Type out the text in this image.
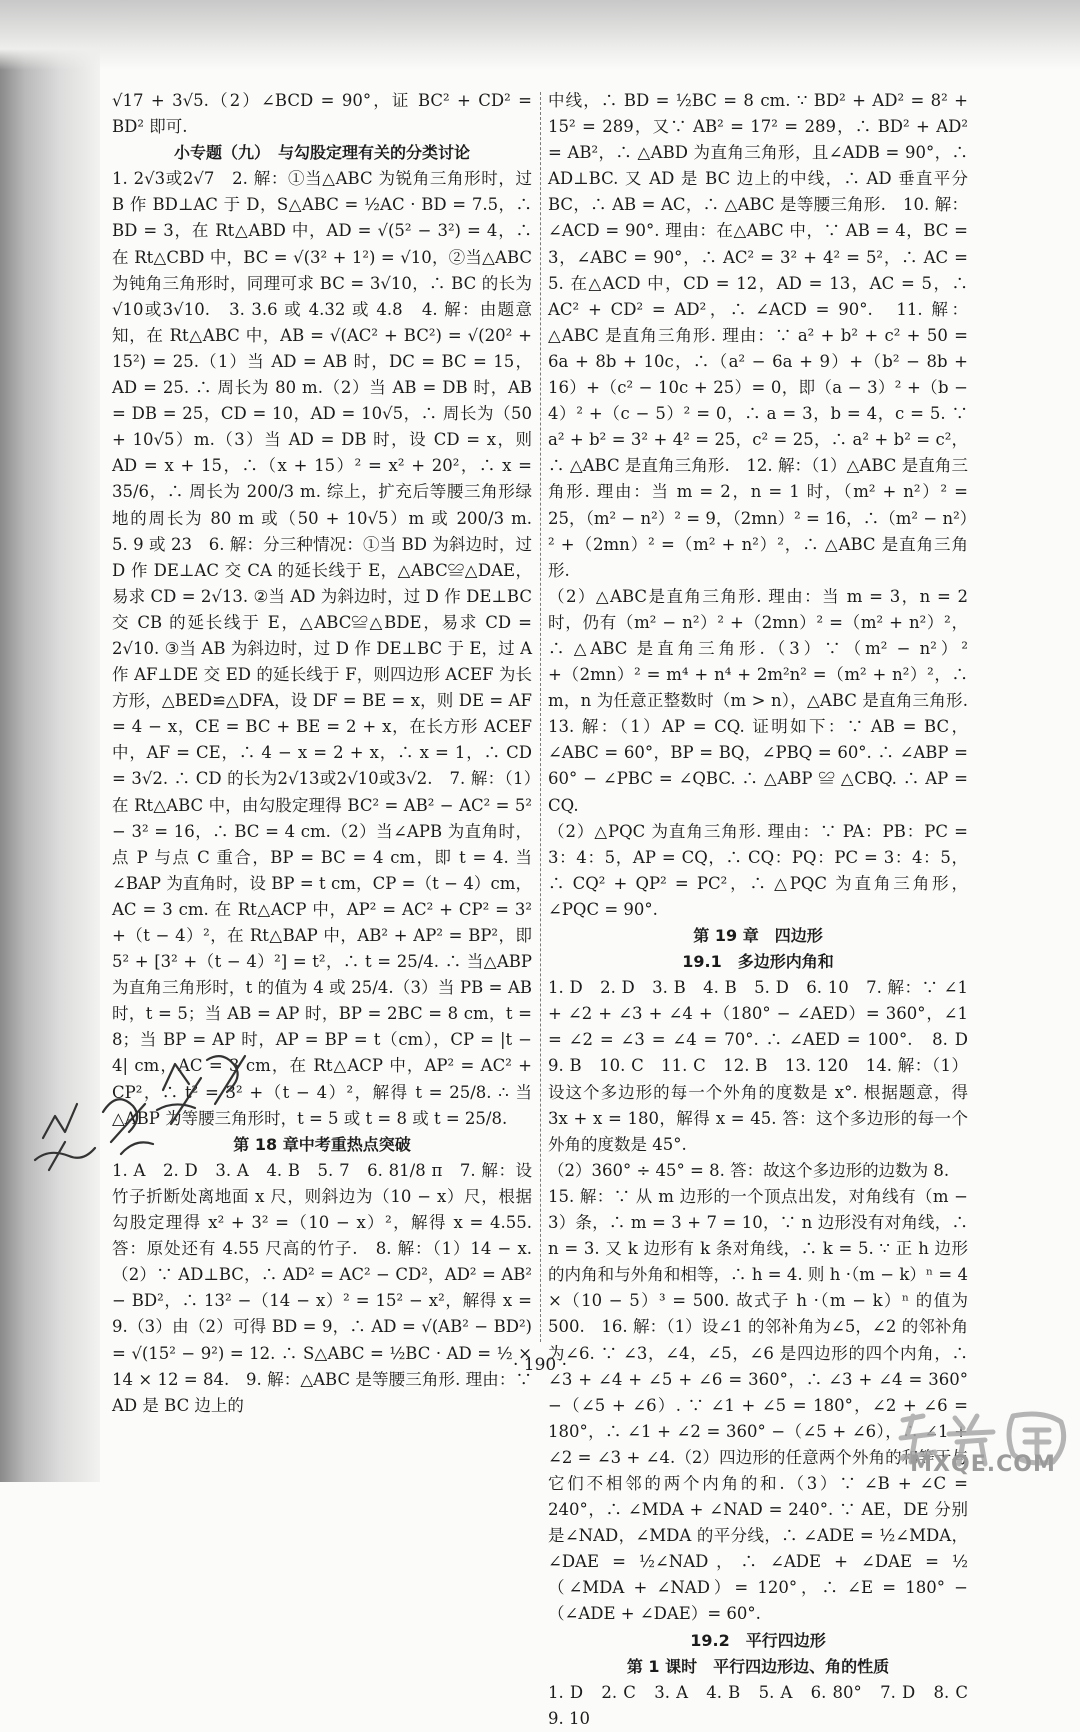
√17 + 3√5.（2）∠BCD = 90°，证 BC² + CD² = BD² 即可.

小专题（九）　与勾股定理有关的分类讨论

1. 2√3或2√7　2. 解：①当△ABC 为锐角三角形时，过 B 作 BD⊥AC 于 D，S△ABC = ½AC · BD = 7.5，∴ BD = 3，在 Rt△ABD 中，AD = √(5² − 3²) = 4，∴ 在 Rt△CBD 中，BC = √(3² + 1²) = √10，②当△ABC 为钝角三角形时，同理可求 BC = 3√10，∴ BC 的长为√10或3√10.　3. 3.6 或 4.32 或 4.8　4. 解：由题意知，在 Rt△ABC 中，AB = √(AC² + BC²) = √(20² + 15²) = 25.（1）当 AD = AB 时，DC = BC = 15，AD = 25. ∴ 周长为 80 m.（2）当 AB = DB 时，AB = DB = 25，CD = 10，AD = 10√5，∴ 周长为（50 + 10√5）m.（3）当 AD = DB 时，设 CD = x，则 AD = x + 15，∴（x + 15）² = x² + 20²，∴ x = 35/6，∴ 周长为 200/3 m. 综上，扩充后等腰三角形绿地的周长为 80 m 或（50 + 10√5）m 或 200/3 m.　5. 9 或 23　6. 解：分三种情况：①当 BD 为斜边时，过 D 作 DE⊥AC 交 CA 的延长线于 E，△ABC≌△DAE，易求 CD = 2√13. ②当 AD 为斜边时，过 D 作 DE⊥BC 交 CB 的延长线于 E，△ABC≌△BDE，易求 CD = 2√10. ③当 AB 为斜边时，过 D 作 DE⊥BC 于 E，过 A 作 AF⊥DE 交 ED 的延长线于 F，则四边形 ACEF 为长方形，△BED≌△DFA，设 DF = BE = x，则 DE = AF = 4 − x，CE = BC + BE = 2 + x，在长方形 ACEF 中，AF = CE，∴ 4 − x = 2 + x，∴ x = 1，∴ CD = 3√2. ∴ CD 的长为2√13或2√10或3√2.　7. 解：（1）在 Rt△ABC 中，由勾股定理得 BC² = AB² − AC² = 5² − 3² = 16，∴ BC = 4 cm.（2）当∠APB 为直角时，点 P 与点 C 重合，BP = BC = 4 cm，即 t = 4. 当∠BAP 为直角时，设 BP = t cm，CP =（t − 4）cm，AC = 3 cm. 在 Rt△ACP 中，AP² = AC² + CP² = 3² +（t − 4）²，在 Rt△BAP 中，AB² + AP² = BP²，即 5² + [3² +（t − 4）²] = t²，∴ t = 25/4. ∴ 当△ABP 为直角三角形时，t 的值为 4 或 25/4.（3）当 PB = AB 时，t = 5；当 AB = AP 时，BP = 2BC = 8 cm，t = 8；当 BP = AP 时，AP = BP = t（cm），CP = |t − 4| cm，AC = 3 cm，在 Rt△ACP 中，AP² = AC² + CP²，∴ t² = 3² +（t − 4）²，解得 t = 25/8. ∴ 当△ABP 为等腰三角形时，t = 5 或 t = 8 或 t = 25/8.

第 18 章中考重热点突破

1. A　2. D　3. A　4. B　5. 7　6. 81/8 π　7. 解：设竹子折断处离地面 x 尺，则斜边为（10 − x）尺，根据勾股定理得 x² + 3² =（10 − x）²，解得 x = 4.55. 答：原处还有 4.55 尺高的竹子.　8. 解：（1）14 − x.（2）∵ AD⊥BC，∴ AD² = AC² − CD²，AD² = AB² − BD²，∴ 13² −（14 − x）² = 15² − x²，解得 x = 9.（3）由（2）可得 BD = 9，∴ AD = √(AB² − BD²) = √(15² − 9²) = 12. ∴ S△ABC = ½BC · AD = ½ × 14 × 12 = 84.　9. 解：△ABC 是等腰三角形. 理由：∵ AD 是 BC 边上的

中线，∴ BD = ½BC = 8 cm. ∵ BD² + AD² = 8² + 15² = 289，又∵ AB² = 17² = 289，∴ BD² + AD² = AB²，∴ △ABD 为直角三角形，且∠ADB = 90°，∴ AD⊥BC. 又 AD 是 BC 边上的中线，∴ AD 垂直平分 BC，∴ AB = AC，∴ △ABC 是等腰三角形.　10. 解：∠ACD = 90°. 理由：在△ABC 中，∵ AB = 4，BC = 3，∠ABC = 90°，∴ AC² = 3² + 4² = 5²，∴ AC = 5. 在△ACD 中，CD = 12，AD = 13，AC = 5，∴ AC² + CD² = AD²，∴ ∠ACD = 90°.　11. 解：△ABC 是直角三角形. 理由：∵ a² + b² + c² + 50 = 6a + 8b + 10c，∴（a² − 6a + 9）+（b² − 8b + 16）+（c² − 10c + 25）= 0，即（a − 3）² +（b − 4）² +（c − 5）² = 0，∴ a = 3，b = 4，c = 5. ∵ a² + b² = 3² + 4² = 25，c² = 25，∴ a² + b² = c²，∴ △ABC 是直角三角形.　12. 解：（1）△ABC 是直角三角形. 理由：当 m = 2，n = 1 时，（m² + n²）² = 25，（m² − n²）² = 9，（2mn）² = 16，∴（m² − n²）² +（2mn）² =（m² + n²）²，∴ △ABC 是直角三角形.

（2）△ABC是直角三角形. 理由：当 m = 3，n = 2 时，仍有（m² − n²）² +（2mn）² =（m² + n²）²，∴ △ABC 是直角三角形.（3）∵（m² − n²）² +（2mn）² = m⁴ + n⁴ + 2m²n² =（m² + n²）²，∴ m，n 为任意正整数时（m > n），△ABC 是直角三角形.　13. 解：（1）AP = CQ. 证明如下：∵ AB = BC，∠ABC = 60°，BP = BQ，∠PBQ = 60°. ∴ ∠ABP = 60° − ∠PBC = ∠QBC. ∴ △ABP ≌ △CBQ. ∴ AP = CQ.

（2）△PQC 为直角三角形. 理由：∵ PA：PB：PC = 3：4：5，AP = CQ，∴ CQ：PQ：PC = 3：4：5，∴ CQ² + QP² = PC²，∴ △PQC 为直角三角形，∠PQC = 90°.

第 19 章　四边形

19.1　多边形内角和

1. D　2. D　3. B　4. B　5. D　6. 10　7. 解：∵ ∠1 + ∠2 + ∠3 + ∠4 +（180° − ∠AED）= 360°，∠1 = ∠2 = ∠3 = ∠4 = 70°. ∴ ∠AED = 100°.　8. D　9. B　10. C　11. C　12. B　13. 120　14. 解：（1）设这个多边形的每一个外角的度数是 x°. 根据题意，得 3x + x = 180，解得 x = 45. 答：这个多边形的每一个外角的度数是 45°.

（2）360° ÷ 45° = 8. 答：故这个多边形的边数为 8.

15. 解：∵ 从 m 边形的一个顶点出发，对角线有（m − 3）条，∴ m = 3 + 7 = 10，∵ n 边形没有对角线，∴ n = 3. 又 k 边形有 k 条对角线，∴ k = 5. ∵ 正 h 边形的内角和与外角和相等，∴ h = 4. 则 h ·（m − k）ⁿ = 4 ×（10 − 5）³ = 500. 故式子 h ·（m − k）ⁿ 的值为 500.　16. 解：（1）设∠1 的邻补角为∠5，∠2 的邻补角为∠6. ∵ ∠3，∠4，∠5，∠6 是四边形的四个内角，∴ ∠3 + ∠4 + ∠5 + ∠6 = 360°，∴ ∠3 + ∠4 = 360° −（∠5 + ∠6）. ∵ ∠1 + ∠5 = 180°，∠2 + ∠6 = 180°，∴ ∠1 + ∠2 = 360° −（∠5 + ∠6），∴ ∠1 + ∠2 = ∠3 + ∠4.（2）四边形的任意两个外角的和等于与它们不相邻的两个内角的和.（3）∵ ∠B + ∠C = 240°，∴ ∠MDA + ∠NAD = 240°. ∵ AE，DE 分别是∠NAD，∠MDA 的平分线，∴ ∠ADE = ½∠MDA，∠DAE = ½∠NAD，∴ ∠ADE + ∠DAE = ½（∠MDA + ∠NAD）= 120°，∴ ∠E = 180° −（∠ADE + ∠DAE）= 60°.

19.2　平行四边形

第 1 课时　平行四边形边、角的性质

1. D　2. C　3. A　4. B　5. A　6. 80°　7. D　8. C　9. 10

· 190 ·
MXQE.COM
